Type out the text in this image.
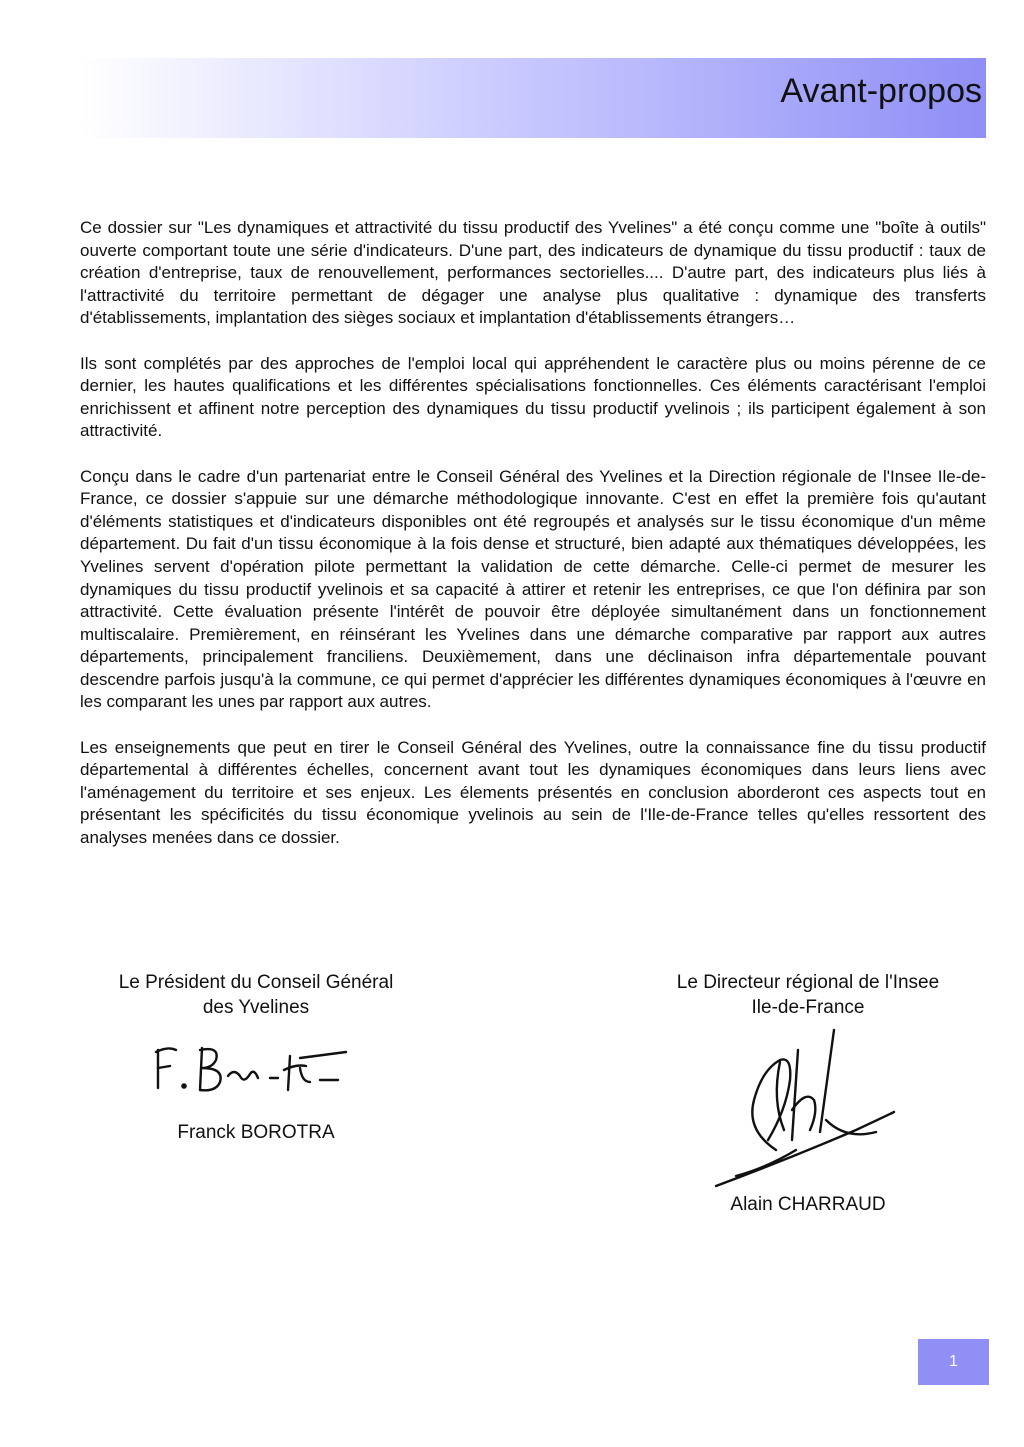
Avant-propos

Ce dossier sur "Les dynamiques et attractivité du tissu productif des Yvelines" a été conçu comme une "boîte à outils" ouverte comportant toute une série d'indicateurs. D'une part, des indicateurs de dynamique du tissu productif : taux de création d'entreprise, taux de renouvellement, performances sectorielles.... D'autre part, des indicateurs plus liés à l'attractivité du territoire permettant de dégager une analyse plus qualitative : dynamique des transferts d'établissements, implantation des sièges sociaux et implantation d'établissements étrangers…

Ils sont complétés par des approches de l'emploi local qui appréhendent le caractère plus ou moins pérenne de ce dernier, les hautes qualifications et les différentes spécialisations fonctionnelles. Ces éléments caractérisant l'emploi enrichissent et affinent notre perception des dynamiques du tissu productif yvelinois ; ils participent également à son attractivité.

Conçu dans le cadre d'un partenariat entre le Conseil Général des Yvelines et la Direction régionale de l'Insee Ile-de-France, ce dossier s'appuie sur une démarche méthodologique innovante. C'est en effet la première fois qu'autant d'éléments statistiques et d'indicateurs disponibles ont été regroupés et analysés sur le tissu économique d'un même département. Du fait d'un tissu économique à la fois dense et structuré, bien adapté aux thématiques développées, les Yvelines servent d'opération pilote permettant la validation de cette démarche. Celle-ci permet de mesurer les dynamiques du tissu productif yvelinois et sa capacité à attirer et retenir les entreprises, ce que l'on définira par son attractivité. Cette évaluation présente l'intérêt de pouvoir être déployée simultanément dans un fonctionnement multiscalaire. Premièrement, en réinsérant les Yvelines dans une démarche comparative par rapport aux autres départements, principalement franciliens. Deuxièmement, dans une déclinaison infra départementale pouvant descendre parfois jusqu'à la commune, ce qui permet d'apprécier les différentes dynamiques économiques à l'œuvre en les comparant les unes par rapport aux autres.

Les enseignements que peut en tirer le Conseil Général des Yvelines, outre la connaissance fine du tissu productif départemental à différentes échelles, concernent avant tout les dynamiques économiques dans leurs liens avec l'aménagement du territoire et ses enjeux. Les élements présentés en conclusion aborderont ces aspects tout en présentant les spécificités du tissu économique yvelinois au sein de l'Ile-de-France telles qu'elles ressortent des analyses menées dans ce dossier.

Le Président du Conseil Général
des Yvelines
Franck BOROTRA
Le Directeur régional de l'Insee
Ile-de-France
Alain CHARRAUD
1
